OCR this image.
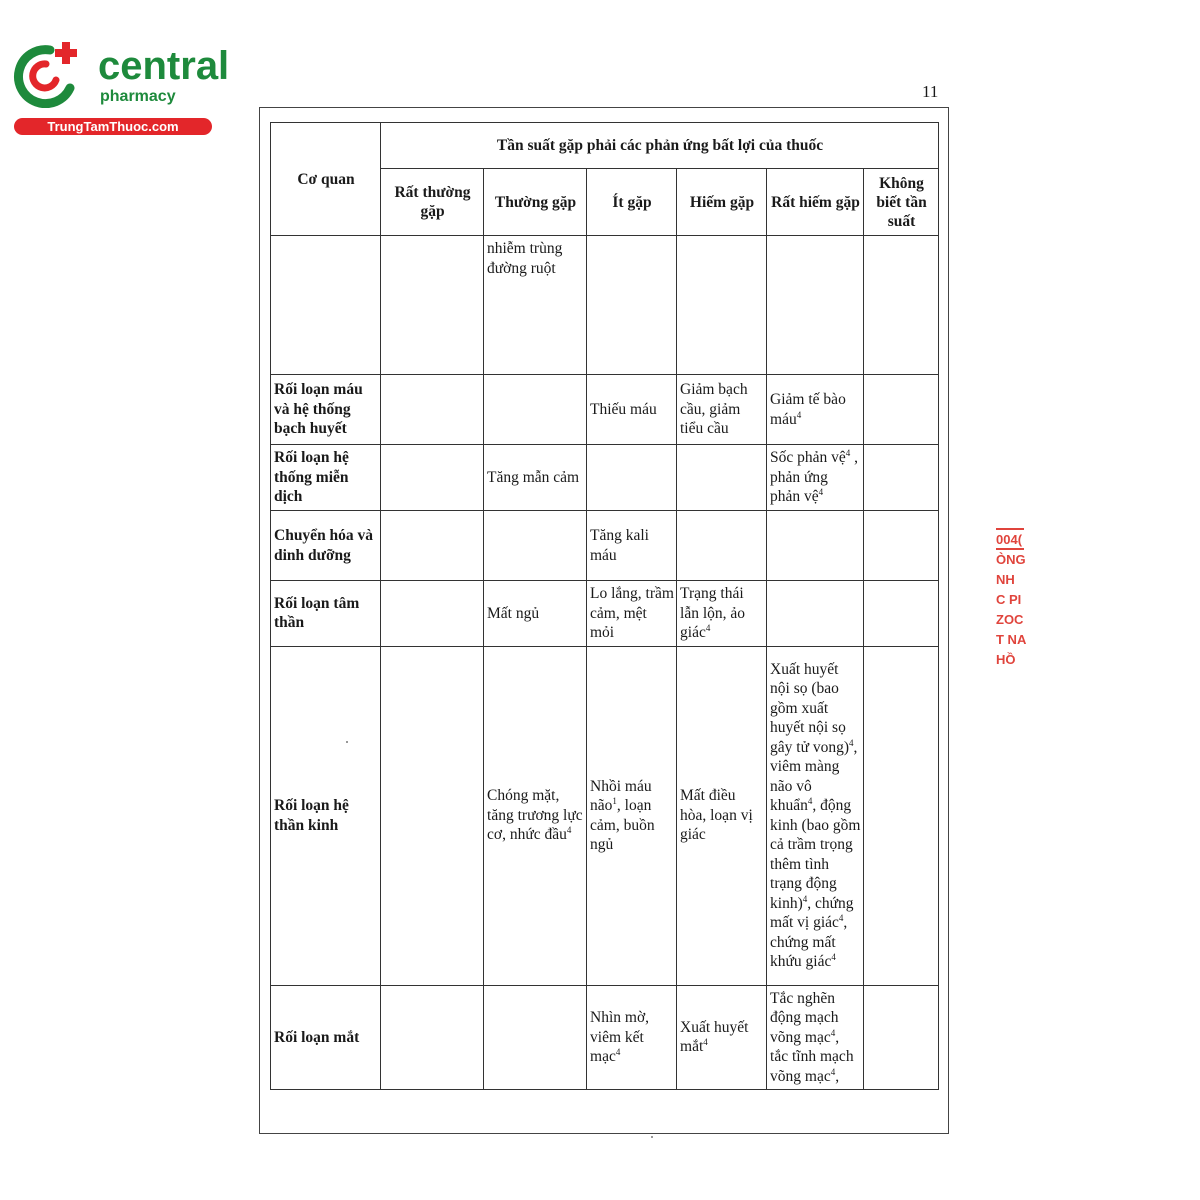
central
pharmacy
TrungTamThuoc.com
11
Cơ quan	Tần suất gặp phải các phản ứng bất lợi của thuốc					
	Rất thường gặp	Thường gặp	Ít gặp	Hiếm gặp	Rất hiếm gặp	Không biết tần suất
		nhiễm trùng đường ruột				
Rối loạn máu và hệ thống bạch huyết			Thiếu máu	Giảm bạch cầu, giảm tiểu cầu	Giảm tế bào máu$^4$	
Rối loạn hệ thống miễn dịch		Tăng mẫn cảm			Sốc phản vệ$^4$ , phản ứng phản vệ$^4$	
Chuyển hóa và dinh dưỡng			Tăng kali máu			
Rối loạn tâm thần		Mất ngủ	Lo lắng, trầm cảm, mệt mỏi	Trạng thái lẫn lộn, ảo giác$^4$		
Rối loạn hệ thần kinh		Chóng mặt, tăng trương lực cơ, nhức đầu$^4$	Nhồi máu não$^1$, loạn cảm, buồn ngủ	Mất điều hòa, loạn vị giác	Xuất huyết nội sọ (bao gồm xuất huyết nội sọ gây tử vong)$^4$, viêm màng não vô khuẩn$^4$, động kinh (bao gồm cả trầm trọng thêm tình trạng động kinh)$^4$, chứng mất vị giác$^4$, chứng mất khứu giác$^4$	
Rối loạn mắt			Nhìn mờ, viêm kết mạc$^4$	Xuất huyết mắt$^4$	Tắc nghẽn động mạch võng mạc$^4$, tắc tĩnh mạch võng mạc$^4$,	
004(
ÒNG
NH
C PI
ZOC
T NA
HỒ
